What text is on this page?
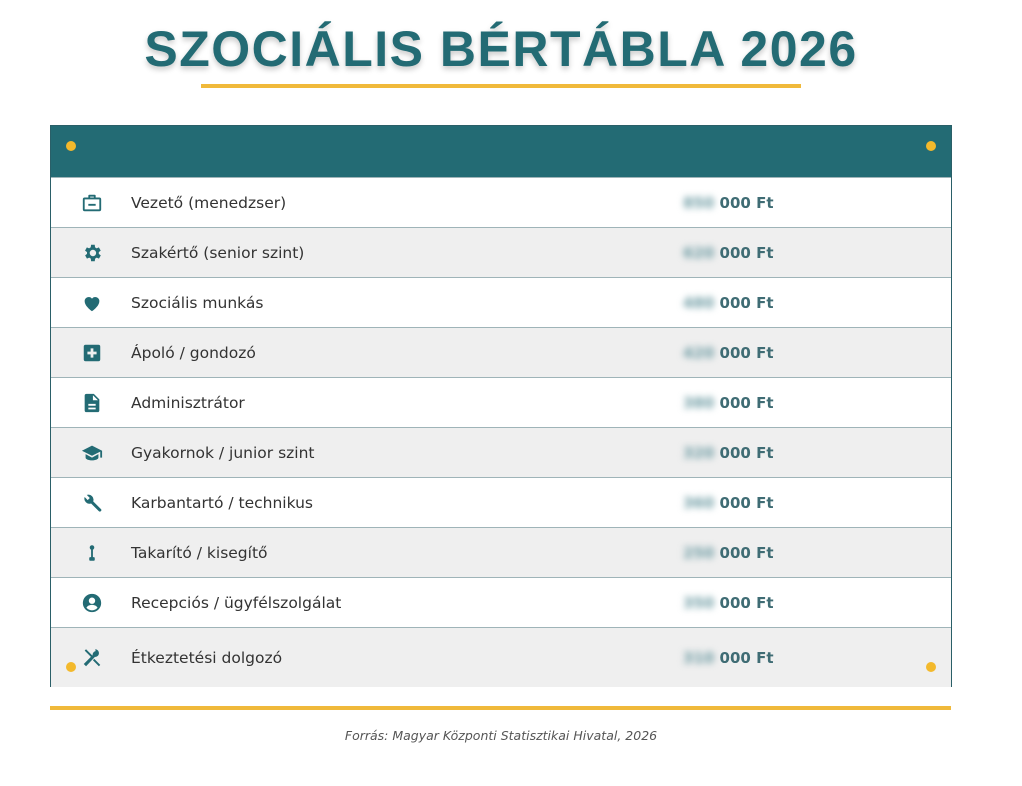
SZOCIÁLIS BÉRTÁBLA 2026
Vezető (menedzser)	850 000 Ft
Szakértő (senior szint)	620 000 Ft
Szociális munkás	480 000 Ft
Ápoló / gondozó	420 000 Ft
Adminisztrátor	380 000 Ft
Gyakornok / junior szint	320 000 Ft
Karbantartó / technikus	360 000 Ft
Takarító / kisegítő	250 000 Ft
Recepciós / ügyfélszolgálat	350 000 Ft
Étkeztetési dolgozó	310 000 Ft

Forrás: Magyar Központi Statisztikai Hivatal, 2026
